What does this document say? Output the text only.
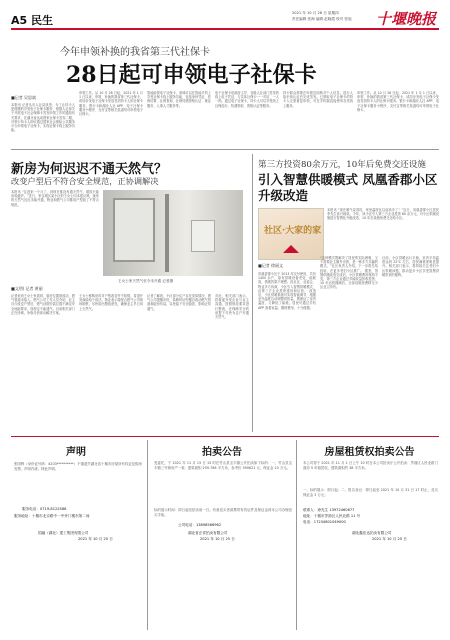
A5 民生
2021 年 10 月 28 日 星期四
责任编辑 张海 编辑 赵晓霞 校对 张旭 十堰晚报
今年申领补换的我省第三代社保卡
28日起可申领电子社保卡
■记者 吴思斌
本报讯 记者从市人社局获悉，为了让持卡人更便捷的享受电子社保卡服务，根据人社部关于开展电子社会保障卡签发申领工作的通知有关要求，在湖北省达成国家社保卡签发二期，可领卡持卡人即可通过国家社会保险公共服务平台申领电子社保卡，实现社保卡线上服务功能。
申领工作。从 10 月 28 日起，2021 年 1 月 1 日以来，申领、补换的我省第三代社保卡，或同步发电子社保卡发放签到持卡人的社保卡服务。银行卡和湖北人社 APP、电子社保卡服务小程序、支付宝等相关渠道均可申领电子社保卡。
智能能领电子社保卡，意味可以在智能手机上享受社保卡线上服务功能，包括身份凭证、医保结算、社保查询、社保待遇资格认证、就业服务、人事人才服务等。
电子社保卡是政府主导、各级人社部门签发的线上电子凭证，与实体社保卡一一对应、一人一码。通过电子社保卡，持卡人可以享受线上社保经办、待遇领取、资格认证等服务。
持卡群众需要在申领页面核对个人信息，进行人脸识别认证后完成签发。已领取电子社保卡的持卡人无需重复申领，可在手机端直接使用各类线上服务。
申领工作。从 10 月 28 日起，2021 年 1 月 1 日以来，申领、补换的我省第三代社保卡，或同步发电子社保卡发放签到持卡人的社保卡服务。银行卡和湖北人社 APP、电子社保卡服务小程序、支付宝等相关渠道均可申领电子社保卡。
新房为何迟迟不通天然气？
改变户型后不符合安全规范，正协调解决
王女士家天然气至今未开通 记者摄
■文/图 记者 黄丽
本报讯 “住进来一个月了，到现在都没有通天然气，做饭只能用电磁炉。”近日，家住城区某小区的王女士向本报反映，她家的天然气迟迟未能开通，物业和燃气公司都说户型改了不符合规范。
记者来到王女士家看到，厨房位置被改动，燃气管道未接入。燃气公司工作人员介绍，业主自行改变户型后，燃气设施安装位置不满足安全间距要求，按规定不能通气。目前相关部门正在协调，争取尽快拿出解决方案。
王女士称购房时对户型改变并不知情，希望开发商能给个说法。物业表示将配合燃气公司现场勘察，尽快给出整改意见，确保业主早日用上天然气。
记者了解到，小区部分住户存在类似情况，燃气公司提醒市民，装修时切勿擅自改动燃气管道和厨房布局，以免留下安全隐患，影响正常通气。
对此，相关部门表示，将督促开发企业与业主沟通，按照规范要求进行整改，在保障安全的前提下尽快为住户开通天然气。
第三方投资80余万元，10年后免费交还设施
引入智慧供暖模式 凤凰香郡小区升级改造
社区·大家的家
本报讯 “现在暖气烧得旺，家里温度比以前高多了！”近日，凤凰香郡小区居民李先生高兴地说。今年，该小区引入第三方企业投资 80 余万元，对小区供暖设施进行智慧化升级改造，10 年后设施免费交还给小区。
■记者 徐丽文
凤凰香郡小区于 2013 年交付使用，共有 1400 余户，原有供暖设备老化、能耗高，供暖效果不理想。经社区、业委会、物业多方协商，小区引入智慧供暖模式，由第三方企业投资建设和运营。 改造后，小区供暖系统可实现智能调节，根据室外温度自动调整供热量，既保证了室内温度，又降低了能耗。居民可通过手机 APP 查看室温、缴纳费用，十分便捷。
“这种模式既解决了居民的实际困难，又不需要业主额外出资，是一种多方共赢的模式。”社区负责人介绍，下一步将总结经验，在更多老旧小区推广。 据悉，智慧供暖改造完成后，小区供暖费用保持不变，第三方企业通过节能收益回收投资，10 年运营期满后，全部设施免费移交小区业主所有。
目前，小区供暖运行平稳，室内平均温度达到 22℃ 左右，居民满意度明显提升。相关部门表示，将持续关注老旧小区供暖问题，推动更多小区享受智慧供暖带来的便利。
声明
张国辉（身份证号码：4203**********）不慎遗失湖北省十堰市房屋所有权证及购房发票，声明作废。特此声明。
服务电话：0719-8122588
服务地址：十堰市北京路中一中旁门楼东第二间
国融（湖北）建工集团有限公司
2021 年 10 月 25 日
拍卖公告
受委托，于 2021 年 11 月 15 日 15 时在竹山县宝丰镇公开拍卖如下标的：一、竹山县宝丰镇三号街房产一套，建筑面积 259.786 平方米，参考价 390621 元，保证金 10 万元。
标的展示时间：即日起至拍卖前一日。有意竞买者请携带有效证件及保证金到本公司办理竞买手续。
公司电话：13898566962
湖北省正祥拍卖有限公司
2021 年 10 月 25 日
房屋租赁权拍卖公告
本公司将于 2021 年 11 月 1 日上午 10 时在本公司拍卖厅公开拍卖：茅箭区人民北路门面房 5 年租赁权，建筑面积约 38 平方米。
一、标的展示：即日起；二、报名登记：即日起至 2021 年 10 月 31 日 17 时止，竞买保证金 2 万元；
联系人：徐先生 13972460677
地址：十堰市茅箭区人民北路 11 号
电话：17234801049000
湖北鑫佳达拍卖有限公司
2021 年 10 月 25 日
